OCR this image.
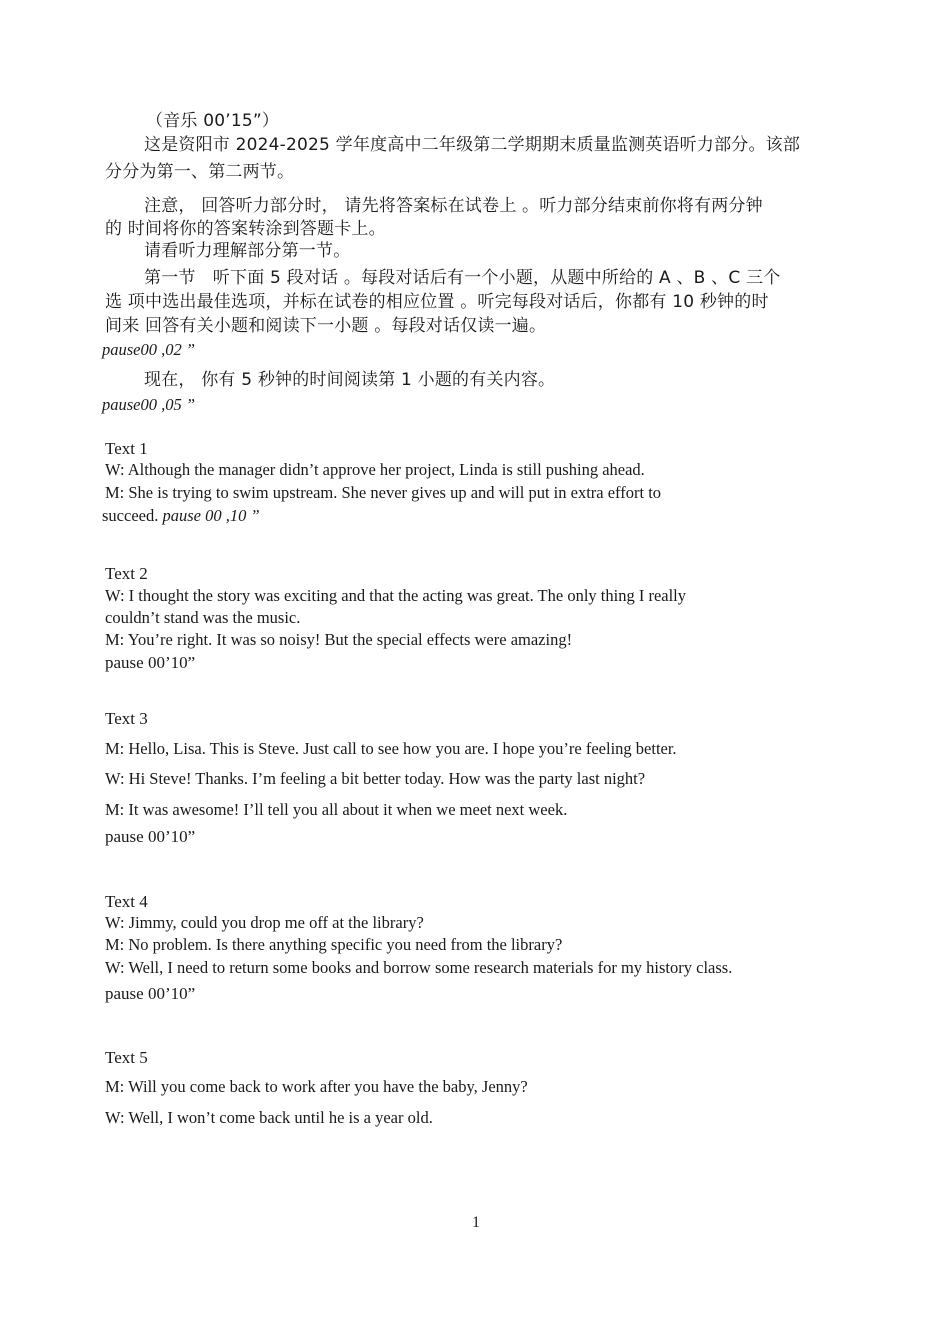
（音乐 00’15”）
这是资阳市 2024-2025 学年度高中二年级第二学期期末质量监测英语听力部分。该部
分分为第一、第二两节。
注意， 回答听力部分时， 请先将答案标在试卷上 。听力部分结束前你将有两分钟
的 时间将你的答案转涂到答题卡上。
请看听力理解部分第一节。
第一节　听下面 5 段对话 。每段对话后有一个小题，从题中所给的 A 、B 、C 三个
选 项中选出最佳选项，并标在试卷的相应位置 。听完每段对话后，你都有 10 秒钟的时
间来 回答有关小题和阅读下一小题 。每段对话仅读一遍。
pause00 ,02 ”
现在， 你有 5 秒钟的时间阅读第 1 小题的有关内容。
pause00 ,05 ”
Text 1
W: Although the manager didn’t approve her project, Linda is still pushing ahead.
M: She is trying to swim upstream. She never gives up and will put in extra effort to
succeed. pause 00 ,10 ”
Text 2
W: I thought the story was exciting and that the acting was great. The only thing I really
couldn’t stand was the music.
M: You’re right. It was so noisy! But the special effects were amazing!
pause 00’10”
Text 3
M: Hello, Lisa. This is Steve. Just call to see how you are. I hope you’re feeling better.
W: Hi Steve! Thanks. I’m feeling a bit better today. How was the party last night?
M: It was awesome! I’ll tell you all about it when we meet next week.
pause 00’10”
Text 4
W: Jimmy, could you drop me off at the library?
M: No problem. Is there anything specific you need from the library?
W: Well, I need to return some books and borrow some research materials for my history class.
pause 00’10”
Text 5
M: Will you come back to work after you have the baby, Jenny?
W: Well, I won’t come back until he is a year old.
1
